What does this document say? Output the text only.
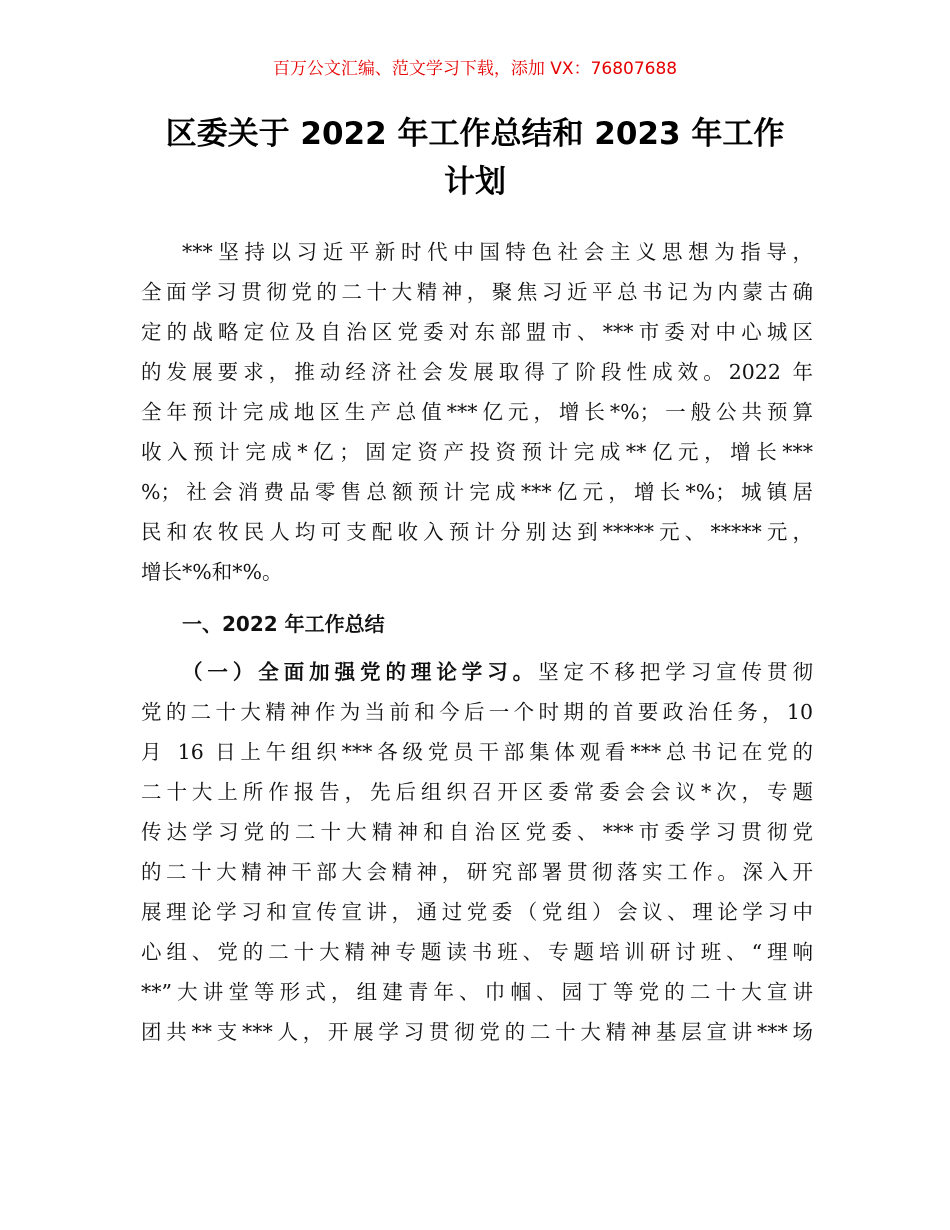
百万公文汇编、范文学习下载，添加 VX：76807688
区委关于 2022 年工作总结和 2023 年工作
计划
***坚持以习近平新时代中国特色社会主义思想为指导，
全面学习贯彻党的二十大精神，聚焦习近平总书记为内蒙古确
定的战略定位及自治区党委对东部盟市、***市委对中心城区
的发展要求，推动经济社会发展取得了阶段性成效。2022 年
全年预计完成地区生产总值***亿元，增长*%；一般公共预算
收入预计完成*亿；固定资产投资预计完成**亿元，增长***
%；社会消费品零售总额预计完成***亿元，增长*%；城镇居
民和农牧民人均可支配收入预计分别达到*****元、*****元，
增长*%和*%。
一、2022 年工作总结
（一）全面加强党的理论学习。坚定不移把学习宣传贯彻
党的二十大精神作为当前和今后一个时期的首要政治任务，10
月 16 日上午组织***各级党员干部集体观看***总书记在党的
二十大上所作报告，先后组织召开区委常委会会议*次，专题
传达学习党的二十大精神和自治区党委、***市委学习贯彻党
的二十大精神干部大会精神，研究部署贯彻落实工作。深入开
展理论学习和宣传宣讲，通过党委（党组）会议、理论学习中
心组、党的二十大精神专题读书班、专题培训研讨班、“理响
**”大讲堂等形式，组建青年、巾帼、园丁等党的二十大宣讲
团共**支***人，开展学习贯彻党的二十大精神基层宣讲***场
